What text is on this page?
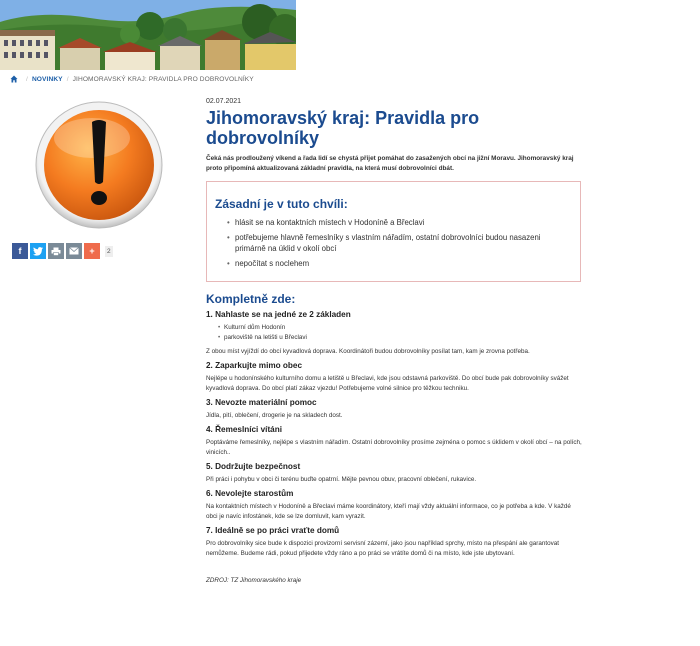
/ NOVINKY / JIHOMORAVSKÝ KRAJ: PRAVIDLA PRO DOBROVOLNÍKY
f	+	2
02.07.2021
Jihomoravský kraj: Pravidla pro dobrovolníky
Čeká nás prodloužený víkend a řada lidí se chystá přijet pomáhat do zasažených obcí na jižní Moravu. Jihomoravský kraj proto připomíná aktualizovaná základní pravidla, na která musí dobrovolníci dbát.
Zásadní je v tuto chvíli:
• hlásit se na kontaktních místech v Hodoníně a Břeclavi
• potřebujeme hlavně řemeslníky s vlastním nářadím, ostatní dobrovolníci budou nasazeni primárně na úklid v okolí obcí
• nepočítat s noclehem
Kompletně zde:
1. Nahlaste se na jedné ze 2 základen
• Kulturní dům Hodonín
• parkoviště na letišti u Břeclavi
Z obou míst vyjíždí do obcí kyvadlová doprava. Koordinátoři budou dobrovolníky posílat tam, kam je zrovna potřeba.
2. Zaparkujte mimo obec
Nejlépe u hodonínského kulturního domu a letiště u Břeclavi, kde jsou odstavná parkoviště. Do obcí bude pak dobrovolníky svážet kyvadlová doprava. Do obcí platí zákaz vjezdu! Potřebujeme volné silnice pro těžkou techniku.
3. Nevozte materiální pomoc
Jídla, pití, oblečení, drogerie je na skladech dost.
4. Řemeslníci vítáni
Poptáváme řemeslníky, nejlépe s vlastním nářadím. Ostatní dobrovolníky prosíme zejména o pomoc s úklidem v okolí obcí – na polích, vinicích..
5. Dodržujte bezpečnost
Při práci i pohybu v obci či terénu buďte opatrní. Mějte pevnou obuv, pracovní oblečení, rukavice.
6. Nevolejte starostům
Na kontaktních místech v Hodoníně a Břeclavi máme koordinátory, kteří mají vždy aktuální informace, co je potřeba a kde. V každé obci je navíc infostánek, kde se lze domluvit, kam vyrazit.
7. Ideálně se po práci vraťte domů
Pro dobrovolníky sice bude k dispozici provizorní servisní zázemí, jako jsou například sprchy, místo na přespání ale garantovat nemůžeme. Budeme rádi, pokud přijedete vždy ráno a po práci se vrátíte domů či na místo, kde jste ubytovaní.
ZDROJ: TZ Jihomoravského kraje
